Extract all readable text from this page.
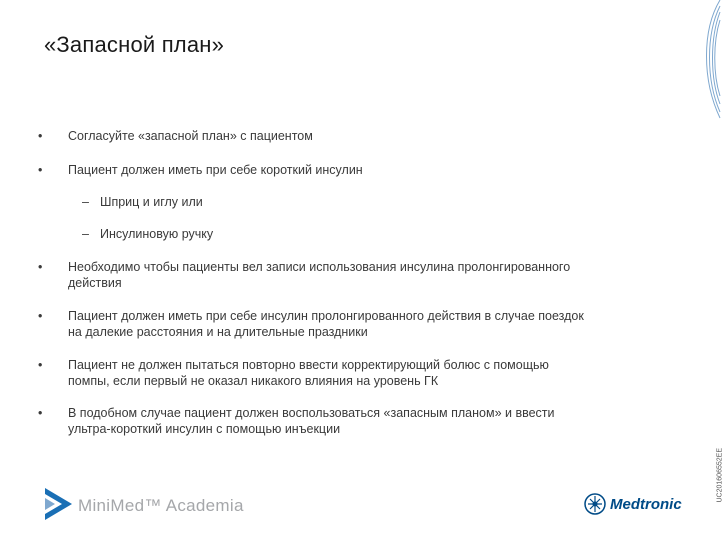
«Запасной план»
•	Согласуйте «запасной план» с пациентом
•	Пациент должен иметь при себе короткий инсулин
– Шприц и иглу или
– Инсулиновую ручку
•	Необходимо чтобы пациенты вел записи использования инсулина пролонгированного
действия
•	Пациент должен иметь при себе инсулин пролонгированного действия в случае поездок
на далекие расстояния и на длительные праздники
•	Пациент не должен пытаться повторно ввести корректирующий болюс с помощью
помпы, если первый не оказал никакого влияния на уровень ГК
•	В подобном случае пациент должен воспользоваться «запасным планом» и ввести
ультра-короткий инсулин с помощью инъекции
UC201606552EE
MiniMed™ Academia	Medtronic
